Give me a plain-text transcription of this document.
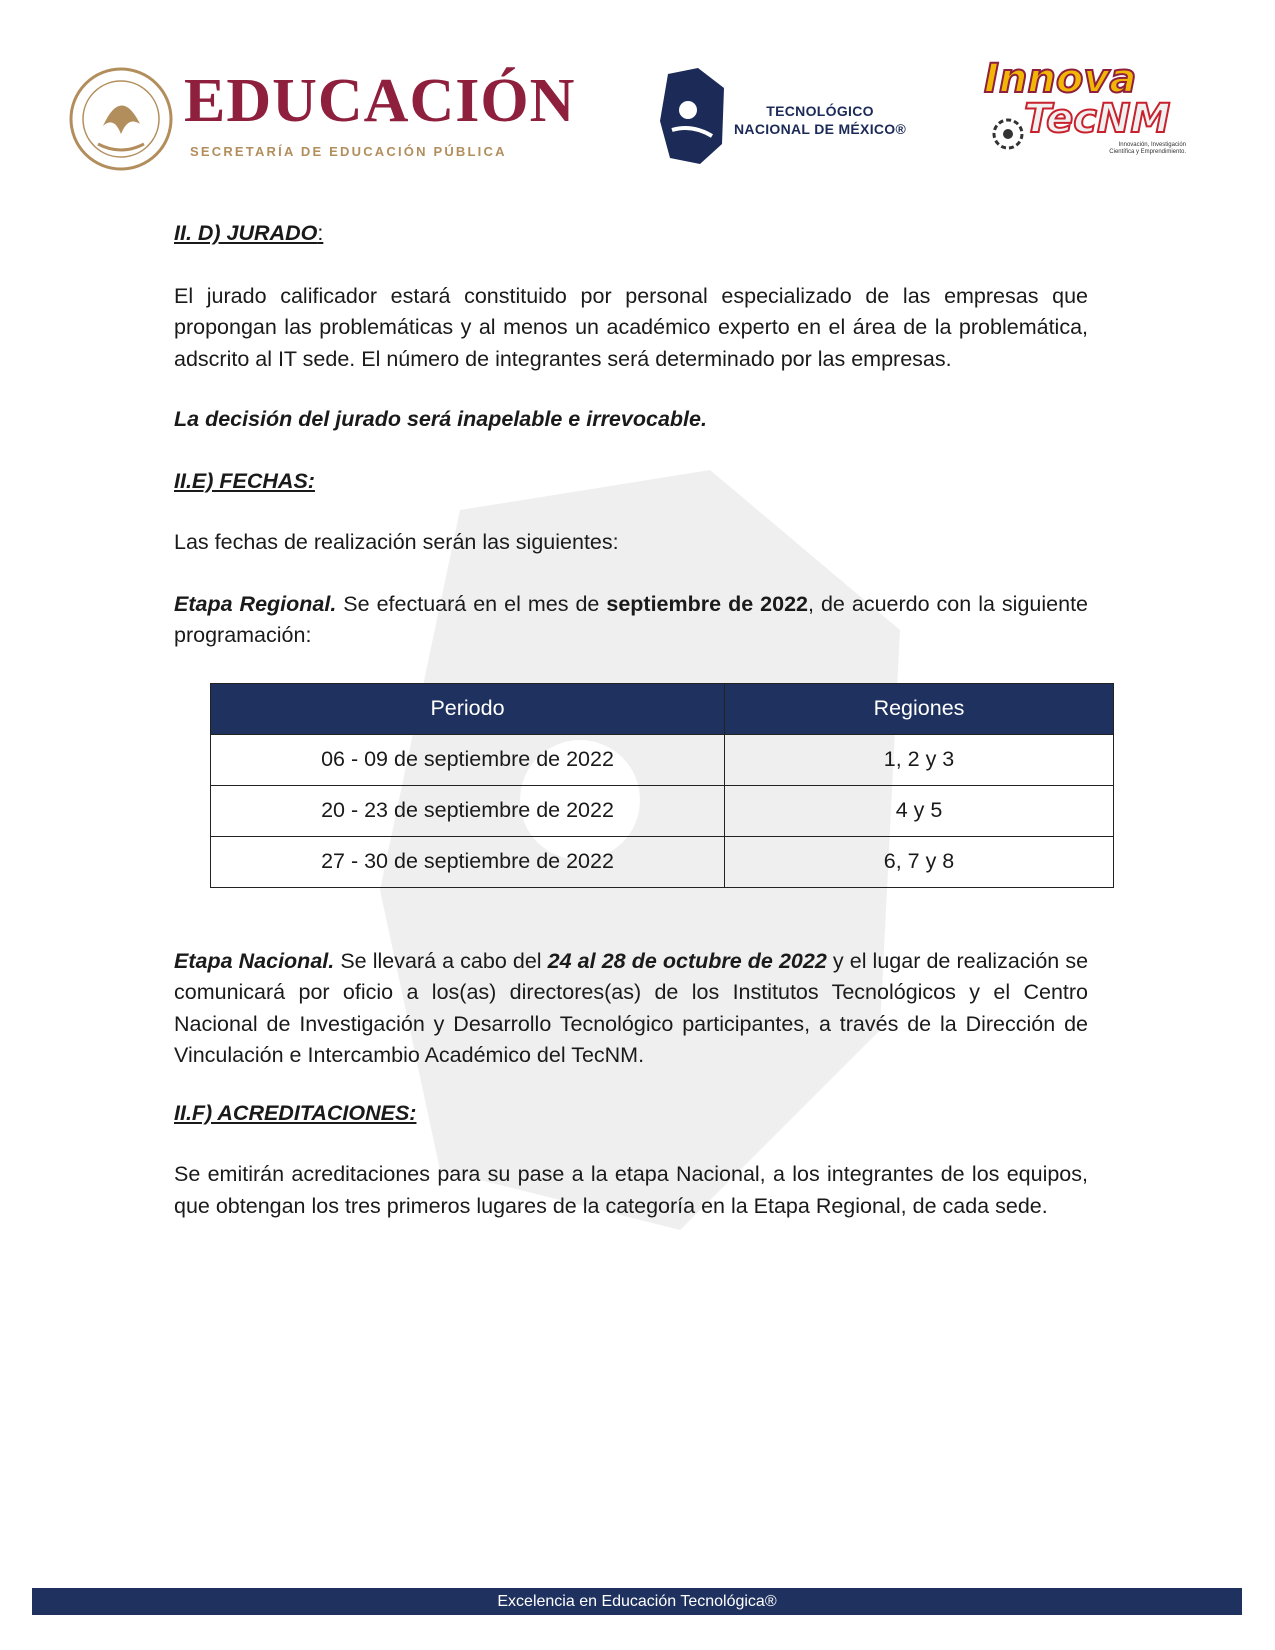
EDUCACIÓN
SECRETARÍA DE EDUCACIÓN PÚBLICA
TECNOLÓGICO
NACIONAL DE MÉXICO®
Innova
TecNM
Innovación, Investigación Científica y Emprendimiento.

II. D) JURADO:

El jurado calificador estará constituido por personal especializado de las empresas que propongan las problemáticas y al menos un académico experto en el área de la problemática, adscrito al IT sede. El número de integrantes será determinado por las empresas.

La decisión del jurado será inapelable e irrevocable.

II.E) FECHAS:

Las fechas de realización serán las siguientes:

Etapa Regional. Se efectuará en el mes de septiembre de 2022, de acuerdo con la siguiente programación:

Periodo	Regiones
06 - 09 de septiembre de 2022	1, 2 y 3
20 - 23 de septiembre de 2022	4 y 5
27 - 30 de septiembre de 2022	6, 7 y 8

Etapa Nacional. Se llevará a cabo del 24 al 28 de octubre de 2022 y el lugar de realización se comunicará por oficio a los(as) directores(as) de los Institutos Tecnológicos y el Centro Nacional de Investigación y Desarrollo Tecnológico participantes, a través de la Dirección de Vinculación e Intercambio Académico del TecNM.

II.F) ACREDITACIONES:

Se emitirán acreditaciones para su pase a la etapa Nacional, a los integrantes de los equipos, que obtengan los tres primeros lugares de la categoría en la Etapa Regional, de cada sede.

Excelencia en Educación Tecnológica®
